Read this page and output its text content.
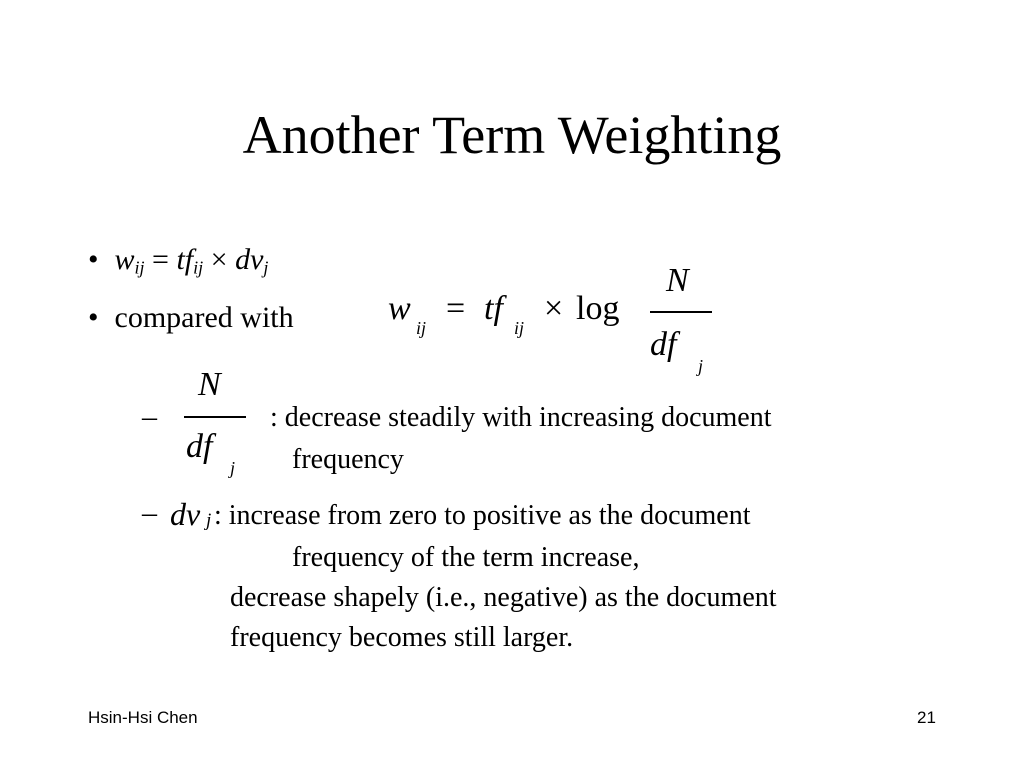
Another Term Weighting
• $w_{ij} = tf_{ij} \times dv_j$
• compared with	w
ij
= tf
ij
× log
N
df
j
–
N
df
j
: decrease steadily with increasing document
frequency
– dv j : increase from zero to positive as the document
frequency of the term increase,
decrease shapely (i.e., negative) as the document
frequency becomes still larger.
Hsin-Hsi Chen	21
